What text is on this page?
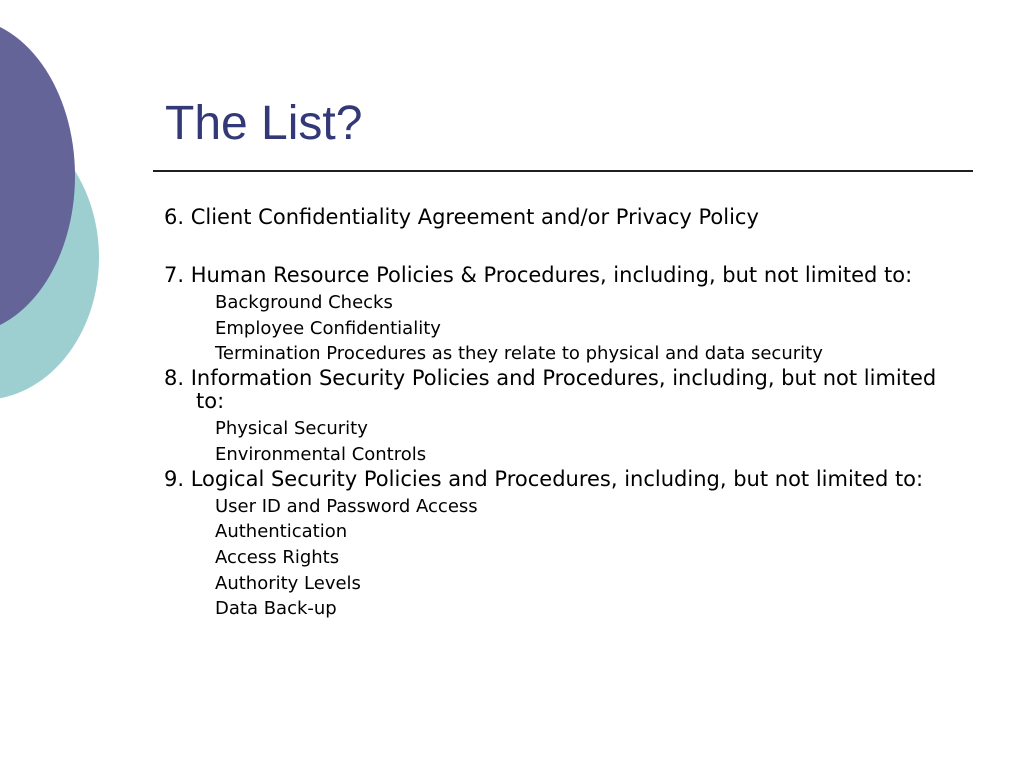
The List?
6. Client Confidentiality Agreement and/or Privacy Policy
7. Human Resource Policies & Procedures, including, but not limited to:
Background Checks
Employee Confidentiality
Termination Procedures as they relate to physical and data security
8. Information Security Policies and Procedures, including, but not limited to:
Physical Security
Environmental Controls
9. Logical Security Policies and Procedures, including, but not limited to:
User ID and Password Access
Authentication
Access Rights
Authority Levels
Data Back-up
